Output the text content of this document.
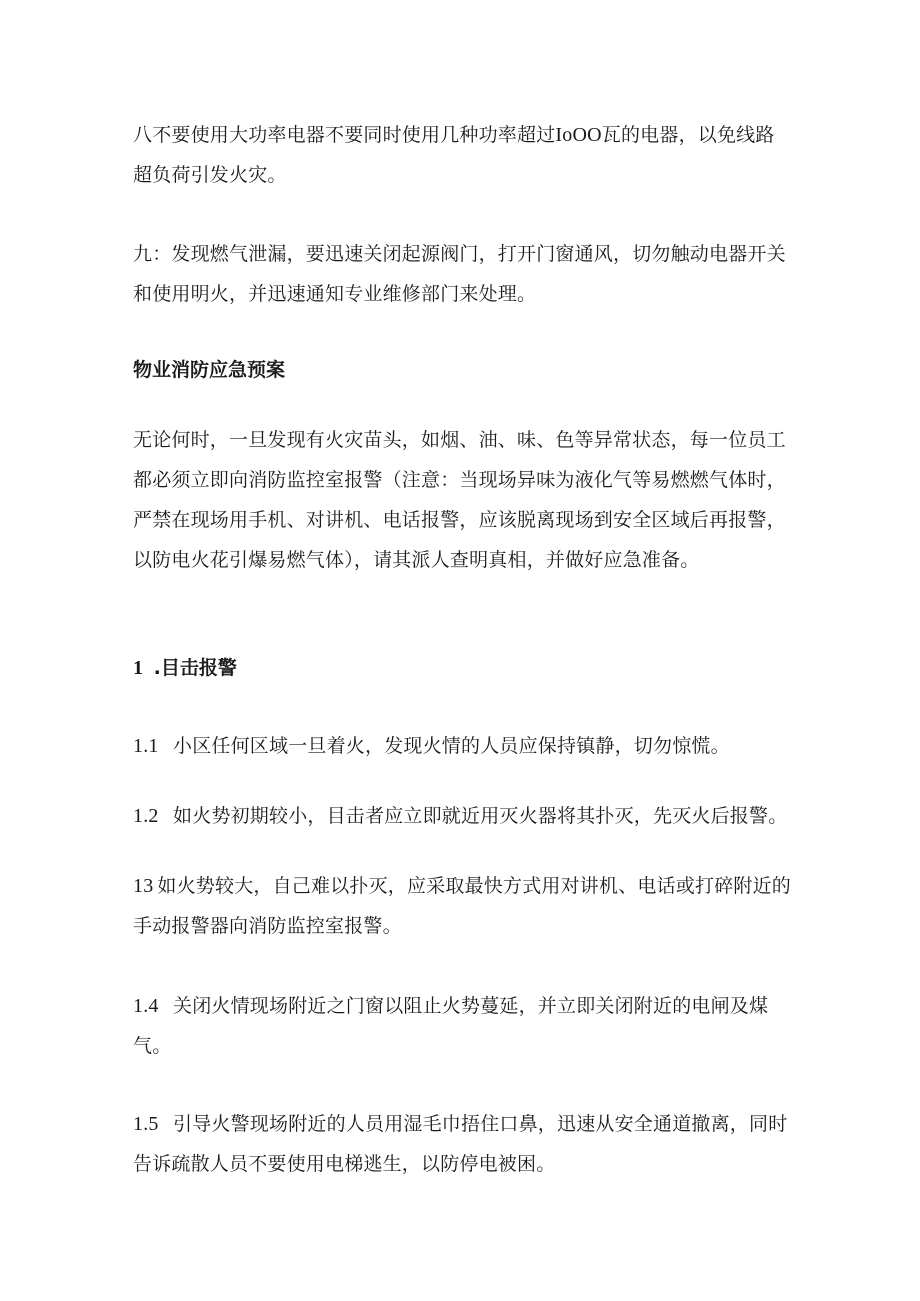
八不要使用大功率电器不要同时使用几种功率超过IoOO瓦的电器，以免线路超负荷引发火灾。

九：发现燃气泄漏，要迅速关闭起源阀门，打开门窗通风，切勿触动电器开关和使用明火，并迅速通知专业维修部门来处理。

物业消防应急预案

无论何时，一旦发现有火灾苗头，如烟、油、味、色等异常状态，每一位员工都必须立即向消防监控室报警（注意：当现场异味为液化气等易燃燃气体时，严禁在现场用手机、对讲机、电话报警，应该脱离现场到安全区域后再报警，以防电火花引爆易燃气体），请其派人查明真相，并做好应急准备。

1 .目击报警

1.1 小区任何区域一旦着火，发现火情的人员应保持镇静，切勿惊慌。

1.2 如火势初期较小，目击者应立即就近用灭火器将其扑灭，先灭火后报警。

13 如火势较大，自己难以扑灭，应采取最快方式用对讲机、电话或打碎附近的手动报警器向消防监控室报警。

1.4 关闭火情现场附近之门窗以阻止火势蔓延，并立即关闭附近的电闸及煤气。

1.5 引导火警现场附近的人员用湿毛巾捂住口鼻，迅速从安全通道撤离，同时告诉疏散人员不要使用电梯逃生，以防停电被困。
